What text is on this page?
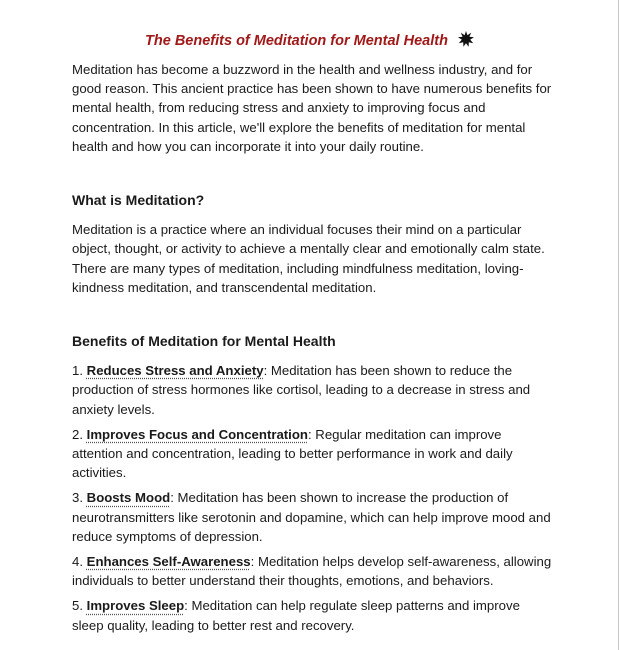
The Benefits of Meditation for Mental Health

Meditation has become a buzzword in the health and wellness industry, and for good reason. This ancient practice has been shown to have numerous benefits for mental health, from reducing stress and anxiety to improving focus and concentration. In this article, we'll explore the benefits of meditation for mental health and how you can incorporate it into your daily routine.

What is Meditation?

Meditation is a practice where an individual focuses their mind on a particular object, thought, or activity to achieve a mentally clear and emotionally calm state. There are many types of meditation, including mindfulness meditation, loving-kindness meditation, and transcendental meditation.

Benefits of Meditation for Mental Health

1. Reduces Stress and Anxiety: Meditation has been shown to reduce the production of stress hormones like cortisol, leading to a decrease in stress and anxiety levels.

2. Improves Focus and Concentration: Regular meditation can improve attention and concentration, leading to better performance in work and daily activities.

3. Boosts Mood: Meditation has been shown to increase the production of neurotransmitters like serotonin and dopamine, which can help improve mood and reduce symptoms of depression.

4. Enhances Self-Awareness: Meditation helps develop self-awareness, allowing individuals to better understand their thoughts, emotions, and behaviors.

5. Improves Sleep: Meditation can help regulate sleep patterns and improve sleep quality, leading to better rest and recovery.
